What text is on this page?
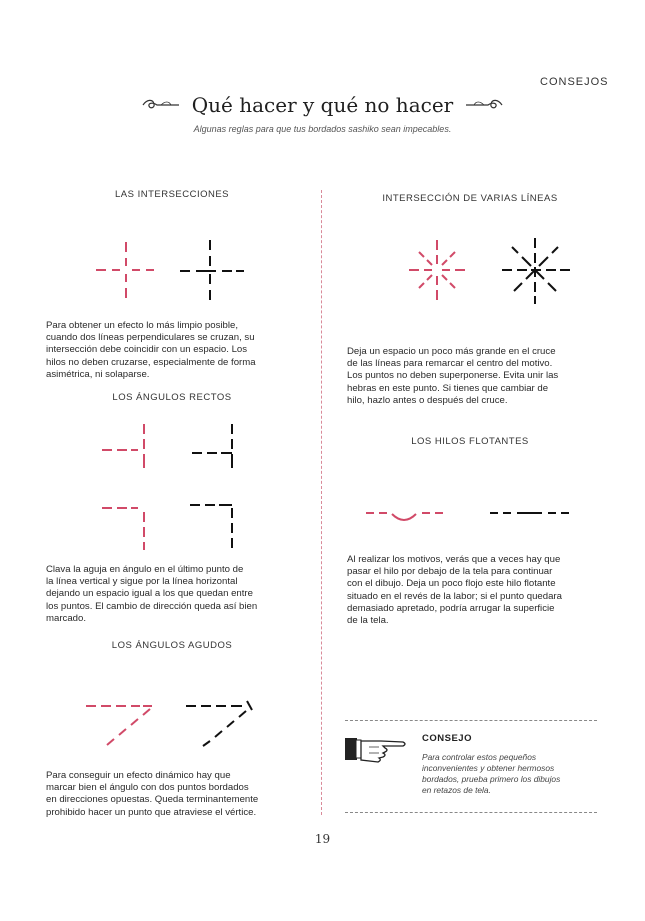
CONSEJOS
Qué hacer y qué no hacer
Algunas reglas para que tus bordados sashiko sean impecables.
LAS INTERSECCIONES
Para obtener un efecto lo más limpio posible,
cuando dos líneas perpendiculares se cruzan, su
intersección debe coincidir con un espacio. Los
hilos no deben cruzarse, especialmente de forma
asimétrica, ni solaparse.
LOS ÁNGULOS RECTOS
Clava la aguja en ángulo en el último punto de
la línea vertical y sigue por la línea horizontal
dejando un espacio igual a los que quedan entre
los puntos. El cambio de dirección queda así bien
marcado.
LOS ÁNGULOS AGUDOS
Para conseguir un efecto dinámico hay que
marcar bien el ángulo con dos puntos bordados
en direcciones opuestas. Queda terminantemente
prohibido hacer un punto que atraviese el vértice.
INTERSECCIÓN DE VARIAS LÍNEAS
Deja un espacio un poco más grande en el cruce
de las líneas para remarcar el centro del motivo.
Los puntos no deben superponerse. Evita unir las
hebras en este punto. Si tienes que cambiar de
hilo, hazlo antes o después del cruce.
LOS HILOS FLOTANTES
Al realizar los motivos, verás que a veces hay que
pasar el hilo por debajo de la tela para continuar
con el dibujo. Deja un poco flojo este hilo flotante
situado en el revés de la labor; si el punto quedara
demasiado apretado, podría arrugar la superficie
de la tela.
CONSEJO
Para controlar estos pequeños
inconvenientes y obtener hermosos
bordados, prueba primero los dibujos
en retazos de tela.
19
